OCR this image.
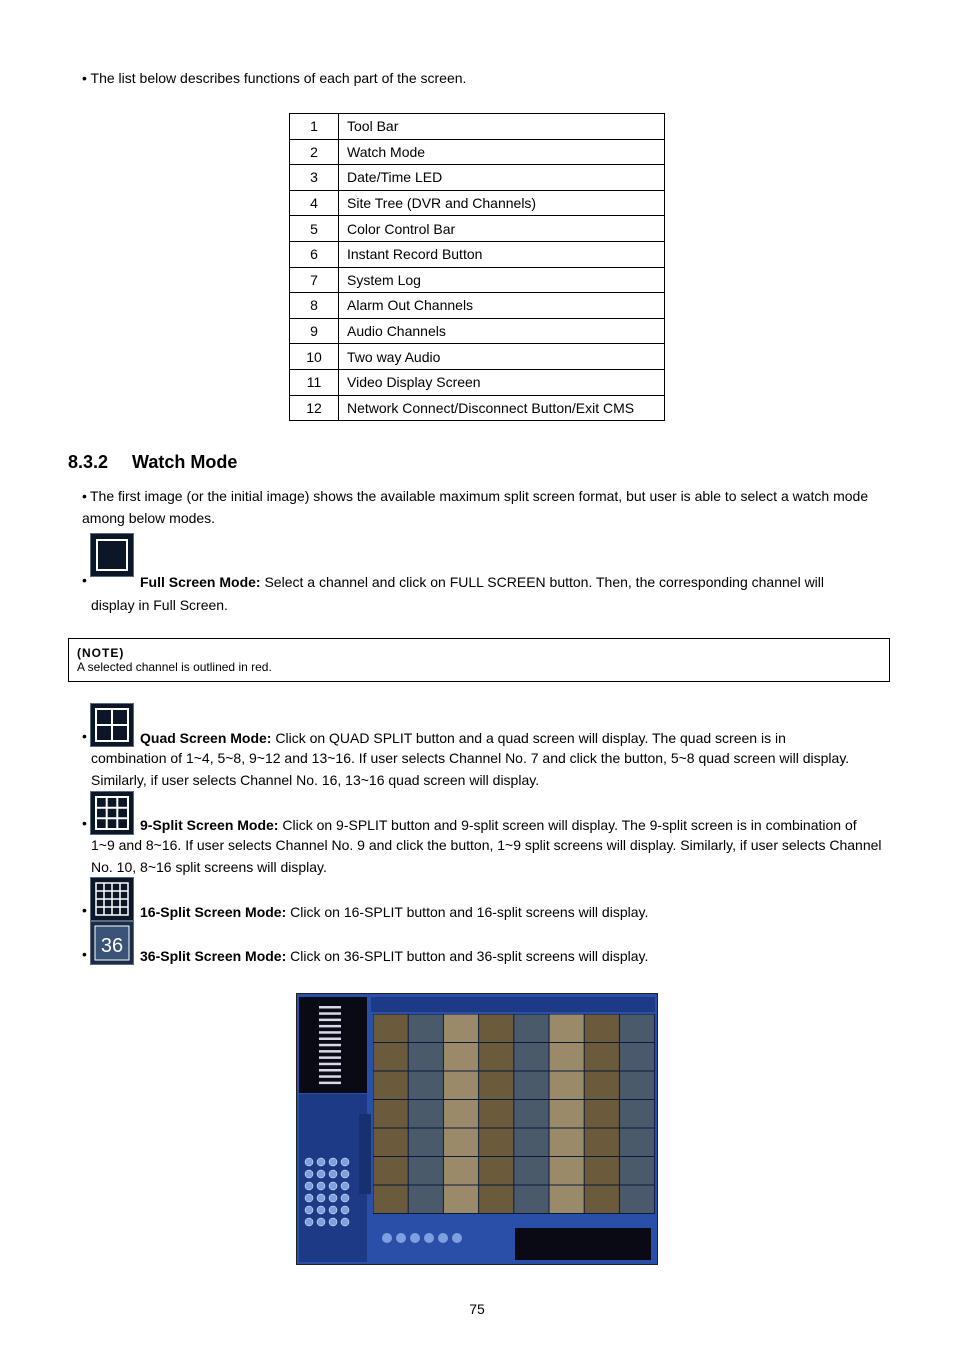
• The list below describes functions of each part of the screen.
1	Tool Bar
2	Watch Mode
3	Date/Time LED
4	Site Tree (DVR and Channels)
5	Color Control Bar
6	Instant Record Button
7	System Log
8	Alarm Out Channels
9	Audio Channels
10	Two way Audio
11	Video Display Screen
12	Network Connect/Disconnect Button/Exit CMS
8.3.2 Watch Mode
• The first image (or the initial image) shows the available maximum split screen format, but user is able to select a watch mode among below modes.
•	Full Screen Mode: Select a channel and click on FULL SCREEN button. Then, the corresponding channel will
display in Full Screen.
(NOTE)
A selected channel is outlined in red.
•	Quad Screen Mode: Click on QUAD SPLIT button and a quad screen will display. The quad screen is in
combination of 1~4, 5~8, 9~12 and 13~16. If user selects Channel No. 7 and click the button, 5~8 quad screen will display. Similarly, if user selects Channel No. 16, 13~16 quad screen will display.
•	9-Split Screen Mode: Click on 9-SPLIT button and 9-split screen will display. The 9-split screen is in combination of
1~9 and 8~16. If user selects Channel No. 9 and click the button, 1~9 split screens will display. Similarly, if user selects Channel No. 10, 8~16 split screens will display.
•	16-Split Screen Mode: Click on 16-SPLIT button and 16-split screens will display.
36
•	36-Split Screen Mode: Click on 36-SPLIT button and 36-split screens will display.
75
